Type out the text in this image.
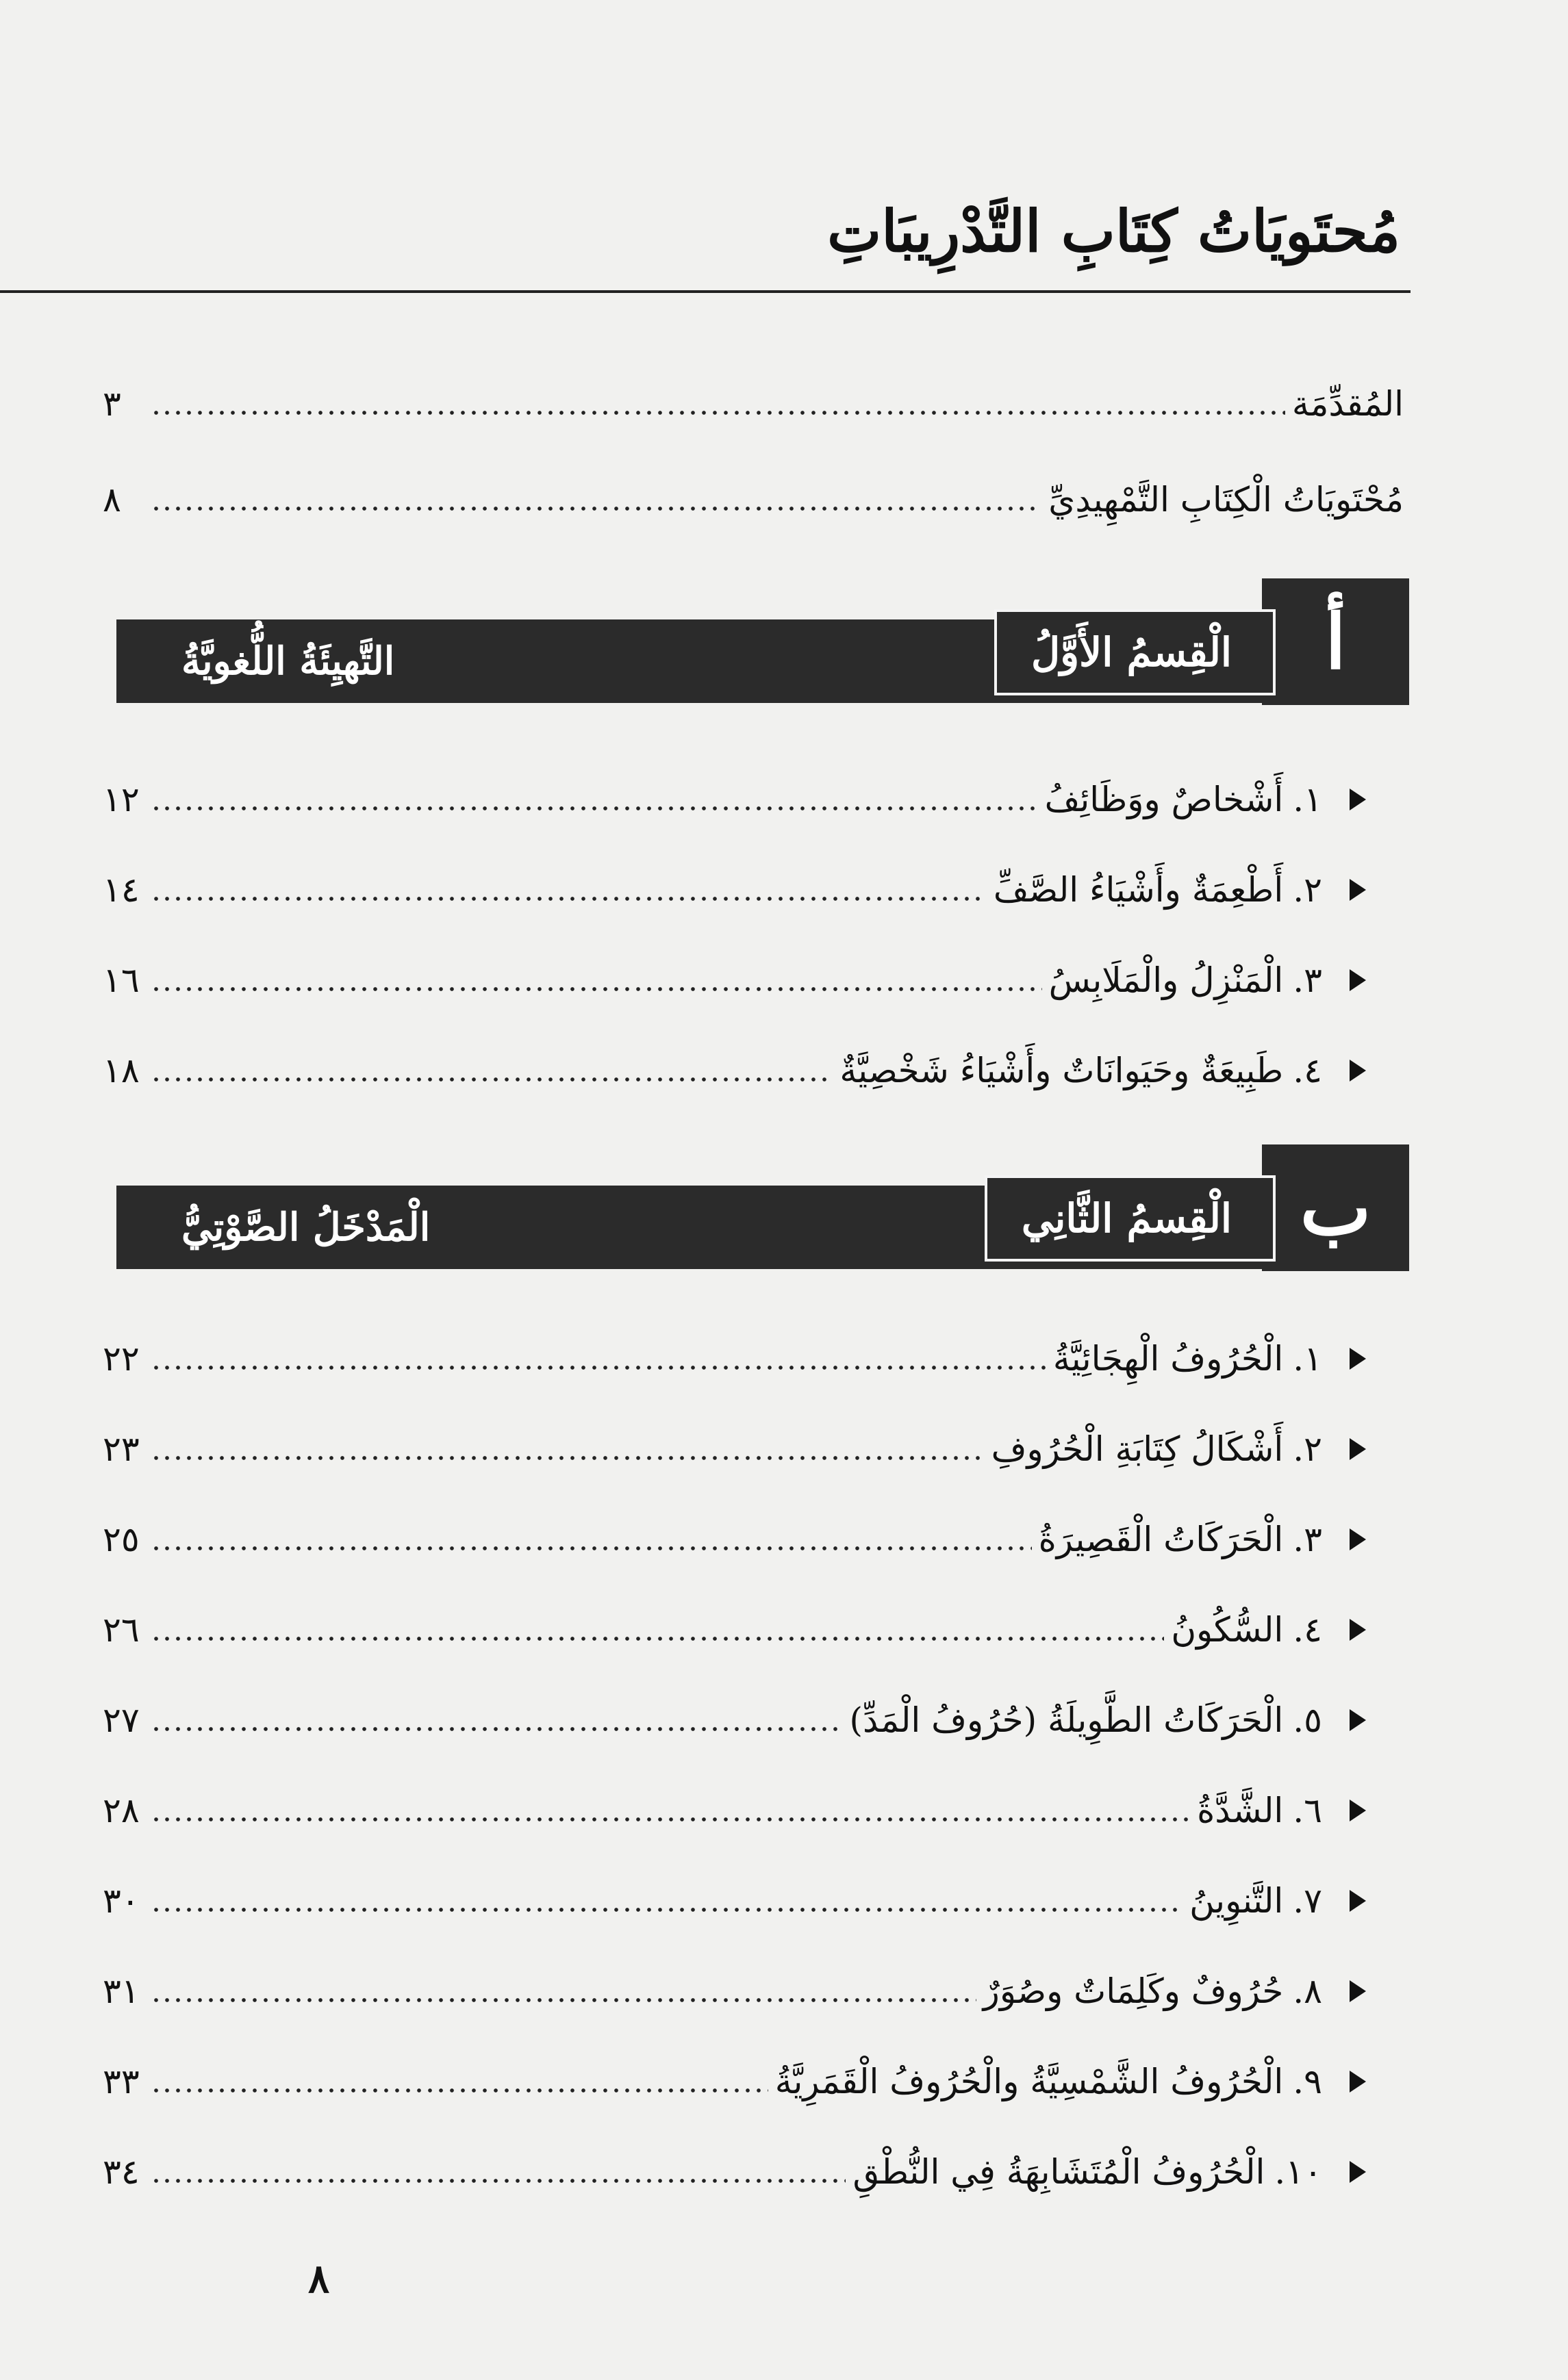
مُحتَويَاتُ كِتَابِ التَّدْرِيبَاتِ
المُقدِّمَة
٣
مُحْتَويَاتُ الْكِتَابِ التَّمْهِيدِيِّ
٨
أ
الْقِسمُ الأَوَّلُ
التَّهيِئَةُ اللُّغويَّةُ
١.
أَشْخاصٌ ووَظَائِفُ
١٢
٢.
أَطْعِمَةٌ وأَشْيَاءُ الصَّفِّ
١٤
٣.
الْمَنْزِلُ والْمَلَابِسُ
١٦
٤.
طَبِيعَةٌ وحَيَوانَاتٌ وأَشْيَاءُ شَخْصِيَّةٌ
١٨
ب
الْقِسمُ الثَّانِي
الْمَدْخَلُ الصَّوْتِيُّ
١.
الْحُرُوفُ الْهِجَائِيَّةُ
٢٢
٢.
أَشْكَالُ كِتَابَةِ الْحُرُوفِ
٢٣
٣.
الْحَرَكَاتُ الْقَصِيرَةُ
٢٥
٤.
السُّكُونُ
٢٦
٥.
الْحَرَكَاتُ الطَّوِيلَةُ (حُرُوفُ الْمَدِّ)
٢٧
٦.
الشَّدَّةُ
٢٨
٧.
التَّنوِينُ
٣٠
٨.
حُرُوفٌ وكَلِمَاتٌ وصُوَرٌ
٣١
٩.
الْحُرُوفُ الشَّمْسِيَّةُ والْحُرُوفُ الْقَمَرِيَّةُ
٣٣
١٠.
الْحُرُوفُ الْمُتَشَابِهَةُ فِي النُّطْقِ
٣٤
٨
